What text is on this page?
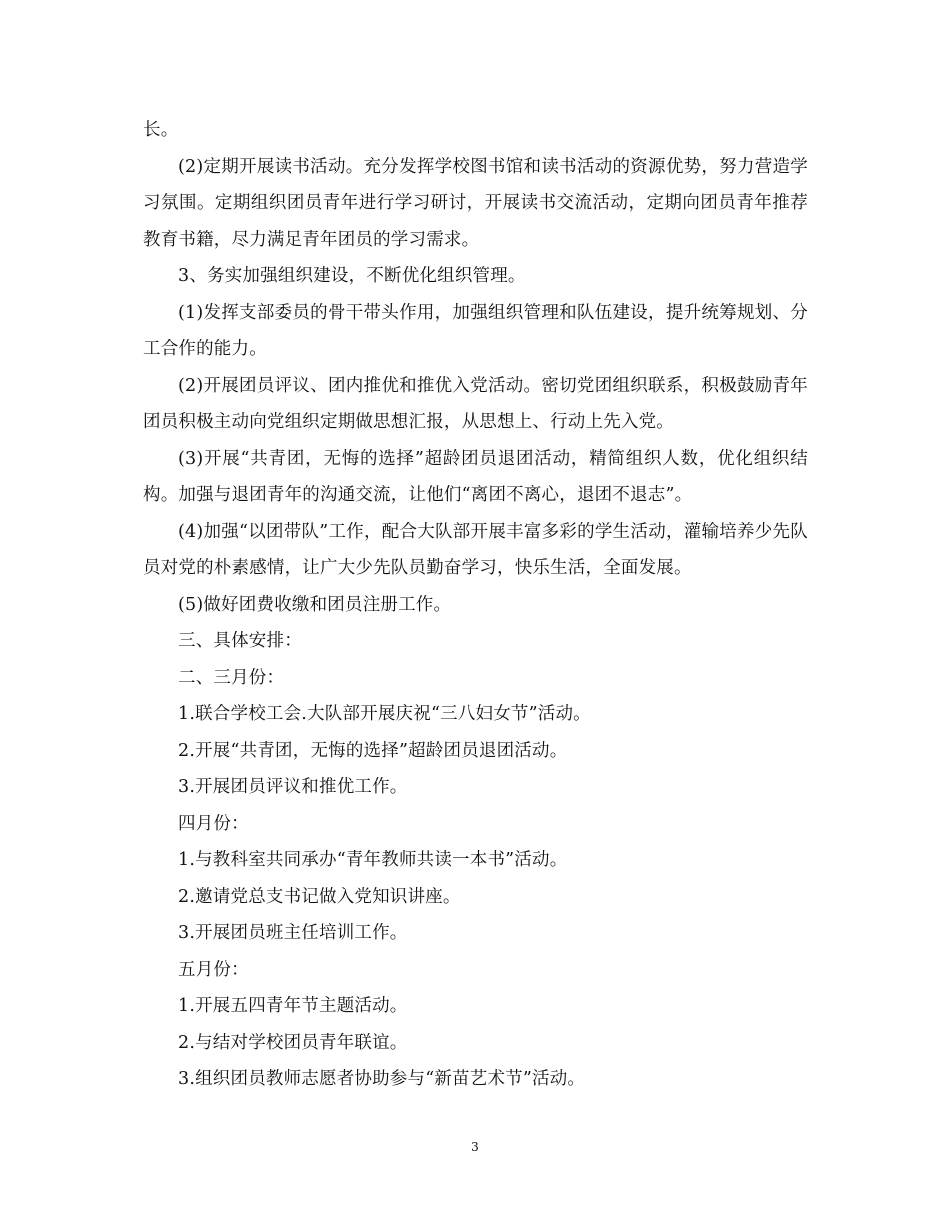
长。

(2)定期开展读书活动。充分发挥学校图书馆和读书活动的资源优势，努力营造学习氛围。定期组织团员青年进行学习研讨，开展读书交流活动，定期向团员青年推荐教育书籍，尽力满足青年团员的学习需求。

3、务实加强组织建设，不断优化组织管理。

(1)发挥支部委员的骨干带头作用，加强组织管理和队伍建设，提升统筹规划、分工合作的能力。

(2)开展团员评议、团内推优和推优入党活动。密切党团组织联系，积极鼓励青年团员积极主动向党组织定期做思想汇报，从思想上、行动上先入党。

(3)开展“共青团，无悔的选择”超龄团员退团活动，精简组织人数，优化组织结构。加强与退团青年的沟通交流，让他们“离团不离心，退团不退志”。

(4)加强“以团带队”工作，配合大队部开展丰富多彩的学生活动，灌输培养少先队员对党的朴素感情，让广大少先队员勤奋学习，快乐生活，全面发展。

(5)做好团费收缴和团员注册工作。

三、具体安排：

二、三月份：

1.联合学校工会.大队部开展庆祝“三八妇女节”活动。

2.开展“共青团，无悔的选择”超龄团员退团活动。

3.开展团员评议和推优工作。

四月份：

1.与教科室共同承办“青年教师共读一本书”活动。

2.邀请党总支书记做入党知识讲座。

3.开展团员班主任培训工作。

五月份：

1.开展五四青年节主题活动。

2.与结对学校团员青年联谊。

3.组织团员教师志愿者协助参与“新苗艺术节”活动。

3
